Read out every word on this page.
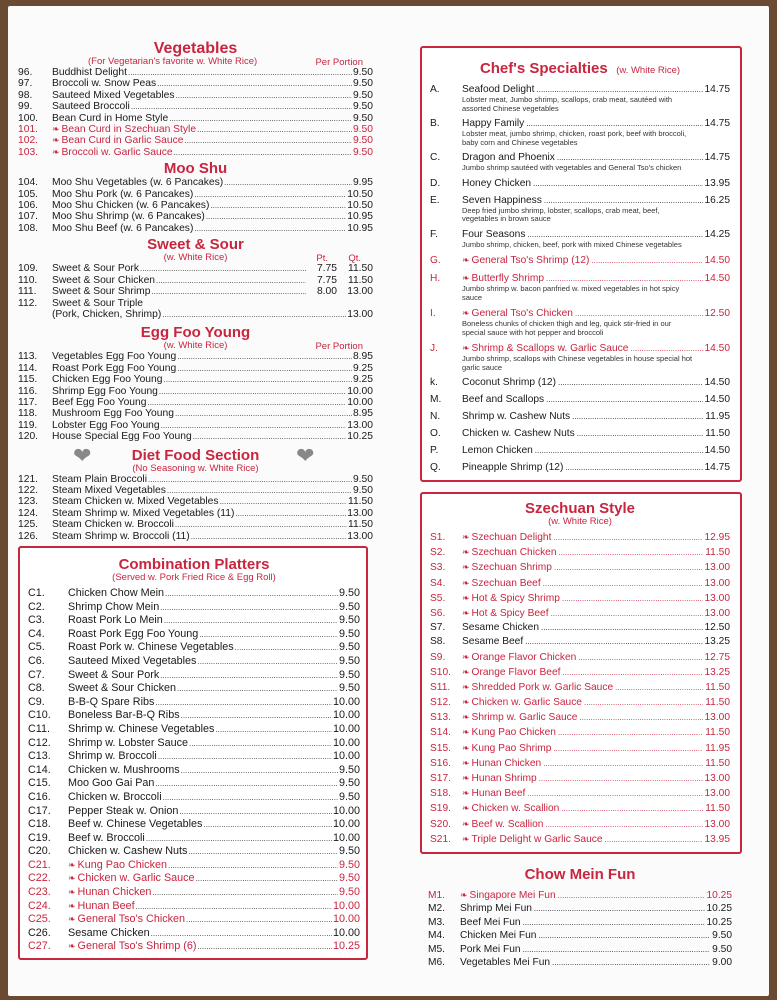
Vegetables
(For Vegetarian's favorite w. White Rice)	Per Portion
96.	Buddhist Delight .....	9.50
97.	Broccoli w. Snow Peas .....	9.50
98.	Sauteed Mixed Vegetables .....	9.50
99.	Sauteed Broccoli .....	9.50
100.	Bean Curd in Home Style .....	9.50
101.	❧ Bean Curd in Szechuan Style .....	9.50
102.	❧ Bean Curd in Garlic Sauce .....	9.50
103.	❧ Broccoli w. Garlic Sauce .....	9.50
Moo Shu
104.	Moo Shu Vegetables (w. 6 Pancakes) .....	9.95
105.	Moo Shu Pork (w. 6 Pancakes) .....	10.50
106.	Moo Shu Chicken (w. 6 Pancakes) .....	10.50
107.	Moo Shu Shrimp (w. 6 Pancakes) .....	10.95
108.	Moo Shu Beef (w. 6 Pancakes) .....	10.95
Sweet & Sour
(w. White Rice)	Pt. Qt.
109.	Sweet & Sour Pork .....	7.75	11.50
110.	Sweet & Sour Chicken .....	7.75	11.50
111.	Sweet & Sour Shrimp .....	8.00 13.00
112.	Sweet & Sour Triple
(Pork, Chicken, Shrimp) .....	13.00
Egg Foo Young
(w. White Rice)	Per Portion
113.	Vegetables Egg Foo Young .....	8.95
114.	Roast Pork Egg Foo Young .....	9.25
115.	Chicken Egg Foo Young .....	9.25
116.	Shrimp Egg Foo Young .....	10.00
117.	Beef Egg Foo Young .....	10.00
118.	Mushroom Egg Foo Young .....	8.95
119.	Lobster Egg Foo Young .....	13.00
120.	House Special Egg Foo Young .....	10.25
❤	❤
Diet Food Section
(No Seasoning w. White Rice)
121.	Steam Plain Broccoli .....	9.50
122.	Steam Mixed Vegetables .....	9.50
123.	Steam Chicken w. Mixed Vegetables .....	11.50
124.	Steam Shrimp w. Mixed Vegetables (11) .....	13.00
125.	Steam Chicken w. Broccoli .....	11.50
126.	Steam Shrimp w. Broccoli (11) .....	13.00
Combination Platters
(Served w. Pork Fried Rice & Egg Roll)
C1.	Chicken Chow Mein .....	9.50
C2.	Shrimp Chow Mein .....	9.50
C3.	Roast Pork Lo Mein .....	9.50
C4.	Roast Pork Egg Foo Young .....	9.50
C5.	Roast Pork w. Chinese Vegetables .....	9.50
C6.	Sauteed Mixed Vegetables .....	9.50
C7.	Sweet & Sour Pork .....	9.50
C8.	Sweet & Sour Chicken .....	9.50
C9.	B-B-Q Spare Ribs .....	10.00
C10.	Boneless Bar-B-Q Ribs .....	10.00
C11.	Shrimp w. Chinese Vegetables .....	10.00
C12.	Shrimp w. Lobster Sauce .....	10.00
C13.	Shrimp w. Broccoli .....	10.00
C14.	Chicken w. Mushrooms .....	9.50
C15.	Moo Goo Gai Pan .....	9.50
C16.	Chicken w. Broccoli .....	9.50
C17.	Pepper Steak w. Onion .....	10.00
C18.	Beef w. Chinese Vegetables .....	10.00
C19.	Beef w. Broccoli .....	10.00
C20.	Chicken w. Cashew Nuts .....	9.50
C21.	❧ Kung Pao Chicken .....	9.50
C22.	❧ Chicken w. Garlic Sauce .....	9.50
C23.	❧ Hunan Chicken .....	9.50
C24.	❧ Hunan Beef .....	10.00
C25.	❧ General Tso's Chicken .....	10.00
C26.	Sesame Chicken .....	10.00
C27.	❧ General Tso's Shrimp (6) .....	10.25
Chef's Specialties (w. White Rice)
A.	Seafood Delight .....	14.75
Lobster meat, Jumbo shrimp, scallops, crab meat, sautéed with assorted Chinese vegetables
B.	Happy Family .....	14.75
Lobster meat, jumbo shrimp, chicken, roast pork, beef with broccoli, baby corn and Chinese vegetables
C.	Dragon and Phoenix .....	14.75
Jumbo shrimp sautéed with vegetables and General Tso's chicken
D.	Honey Chicken .....	13.95
E.	Seven Happiness .....	16.25
Deep fried jumbo shrimp, lobster, scallops, crab meat, beef, vegetables in brown sauce
F.	Four Seasons .....	14.25
Jumbo shrimp, chicken, beef, pork with mixed Chinese vegetables
G.	❧ General Tso's Shrimp (12) .....	14.50
H.	❧ Butterfly Shrimp .....	14.50
Jumbo shrimp w. bacon panfried w. mixed vegetables in hot spicy sauce
I.	❧ General Tso's Chicken .....	12.50
Boneless chunks of chicken thigh and leg, quick stir-fried in our special sauce with hot pepper and broccoli
J.	❧ Shrimp & Scallops w. Garlic Sauce .....	14.50
Jumbo shrimp, scallops with Chinese vegetables in house special hot garlic sauce
k.	Coconut Shrimp (12) .....	14.50
M.	Beef and Scallops .....	14.50
N.	Shrimp w. Cashew Nuts .....	11.95
O.	Chicken w. Cashew Nuts .....	11.50
P.	Lemon Chicken .....	14.50
Q.	Pineapple Shrimp (12) .....	14.75
Szechuan Style
(w. White Rice)
S1.	❧ Szechuan Delight .....	12.95
S2.	❧ Szechuan Chicken .....	11.50
S3.	❧ Szechuan Shrimp .....	13.00
S4.	❧ Szechuan Beef .....	13.00
S5.	❧ Hot & Spicy Shrimp .....	13.00
S6.	❧ Hot & Spicy Beef .....	13.00
S7.	Sesame Chicken .....	12.50
S8.	Sesame Beef .....	13.25
S9.	❧ Orange Flavor Chicken .....	12.75
S10.	❧ Orange Flavor Beef .....	13.25
S11.	❧ Shredded Pork w. Garlic Sauce .....	11.50
S12.	❧ Chicken w. Garlic Sauce .....	11.50
S13.	❧ Shrimp w. Garlic Sauce .....	13.00
S14.	❧ Kung Pao Chicken .....	11.50
S15.	❧ Kung Pao Shrimp .....	11.95
S16.	❧ Hunan Chicken .....	11.50
S17.	❧ Hunan Shrimp .....	13.00
S18.	❧ Hunan Beef .....	13.00
S19.	❧ Chicken w. Scallion .....	11.50
S20.	❧ Beef w. Scallion .....	13.00
S21.	❧ Triple Delight w Garlic Sauce .....	13.95
Chow Mein Fun
M1.	❧ Singapore Mei Fun .....	10.25
M2.	Shrimp Mei Fun .....	10.25
M3.	Beef Mei Fun .....	10.25
M4.	Chicken Mei Fun .....	9.50
M5.	Pork Mei Fun .....	9.50
M6.	Vegetables Mei Fun .....	9.00
